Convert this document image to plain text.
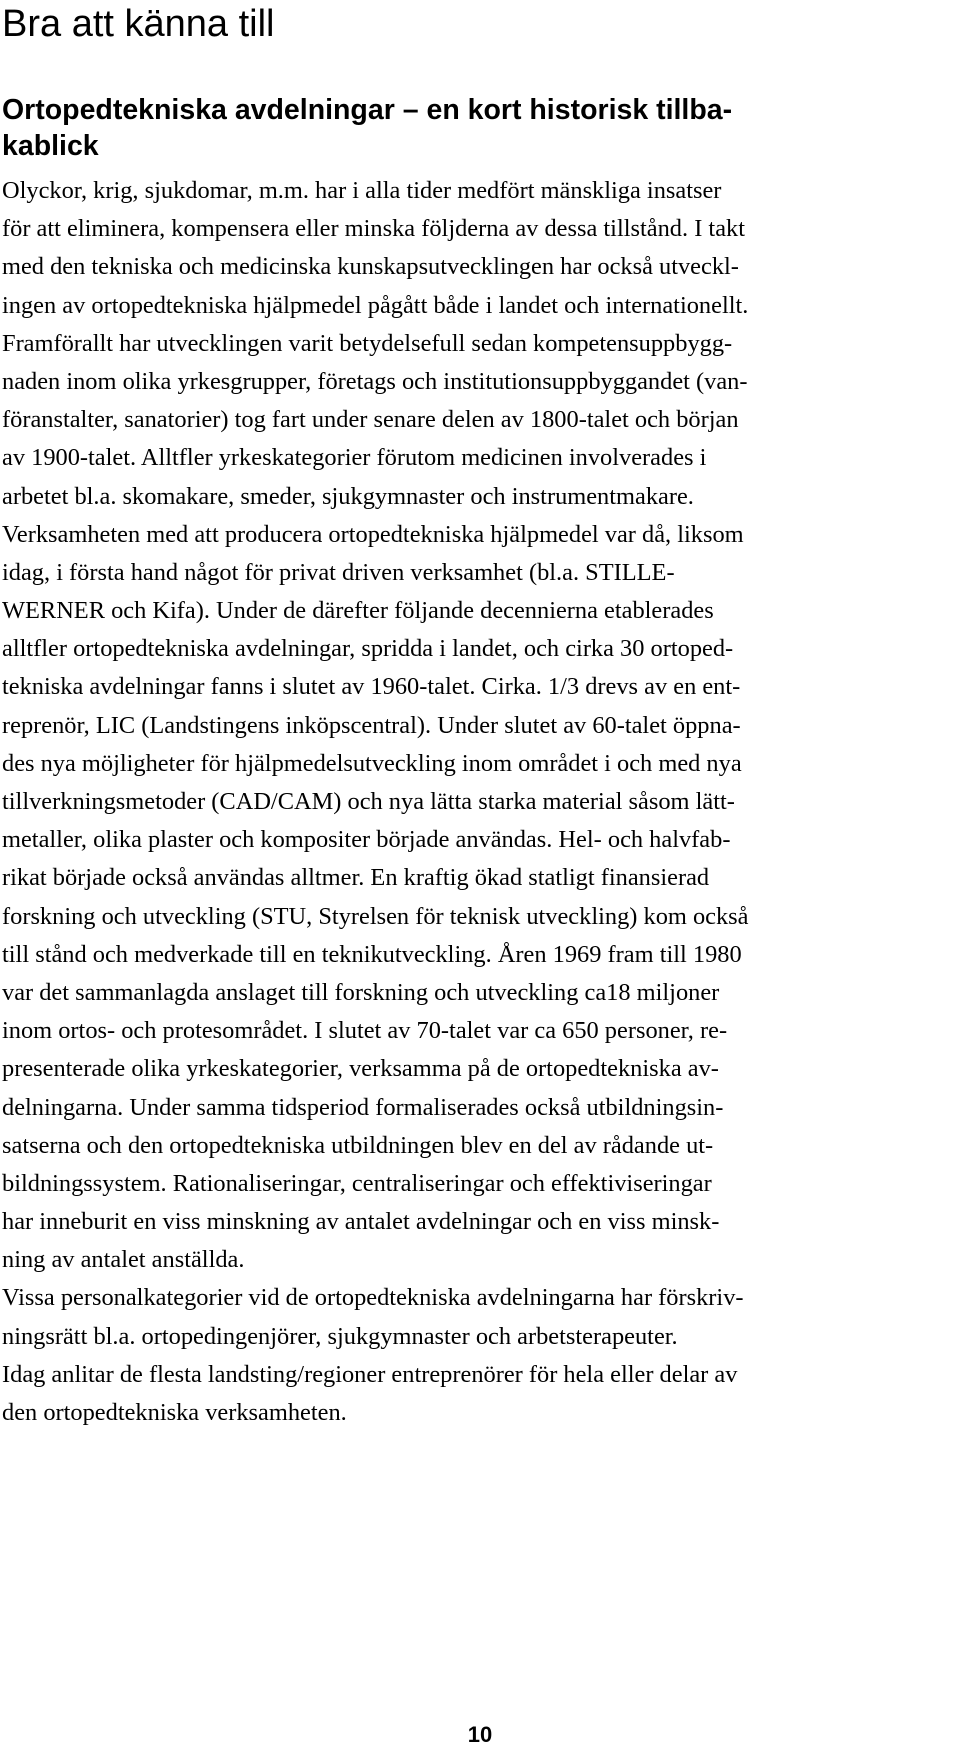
Bra att känna till
Ortopedtekniska avdelningar – en kort historisk tillba-
kablick
Olyckor, krig, sjukdomar, m.m. har i alla tider medfört mänskliga insatser
för att eliminera, kompensera eller minska följderna av dessa tillstånd. I takt
med den tekniska och medicinska kunskapsutvecklingen har också utveckl-
ingen av ortopedtekniska hjälpmedel pågått både i landet och internationellt.
Framförallt har utvecklingen varit betydelsefull sedan kompetensuppbygg-
naden inom olika yrkesgrupper, företags och institutionsuppbyggandet (van-
föranstalter, sanatorier) tog fart under senare delen av 1800-talet och början
av 1900-talet. Alltfler yrkeskategorier förutom medicinen involverades i
arbetet bl.a. skomakare, smeder, sjukgymnaster och instrumentmakare.
Verksamheten med att producera ortopedtekniska hjälpmedel var då, liksom
idag, i första hand något för privat driven verksamhet (bl.a. STILLE-
WERNER och Kifa). Under de därefter följande decennierna etablerades
alltfler ortopedtekniska avdelningar, spridda i landet, och cirka 30 ortoped-
tekniska avdelningar fanns i slutet av 1960-talet. Cirka. 1/3 drevs av en ent-
reprenör, LIC (Landstingens inköpscentral). Under slutet av 60-talet öppna-
des nya möjligheter för hjälpmedelsutveckling inom området i och med nya
tillverkningsmetoder (CAD/CAM) och nya lätta starka material såsom lätt-
metaller, olika plaster och kompositer började användas. Hel- och halvfab-
rikat började också användas alltmer. En kraftig ökad statligt finansierad
forskning och utveckling (STU, Styrelsen för teknisk utveckling) kom också
till stånd och medverkade till en teknikutveckling. Åren 1969 fram till 1980
var det sammanlagda anslaget till forskning och utveckling ca18 miljoner
inom ortos- och protesområdet. I slutet av 70-talet var ca 650 personer, re-
presenterade olika yrkeskategorier, verksamma på de ortopedtekniska av-
delningarna. Under samma tidsperiod formaliserades också utbildningsin-
satserna och den ortopedtekniska utbildningen blev en del av rådande ut-
bildningssystem. Rationaliseringar, centraliseringar och effektiviseringar
har inneburit en viss minskning av antalet avdelningar och en viss minsk-
ning av antalet anställda.
Vissa personalkategorier vid de ortopedtekniska avdelningarna har förskriv-
ningsrätt bl.a. ortopedingenjörer, sjukgymnaster och arbetsterapeuter.
Idag anlitar de flesta landsting/regioner entreprenörer för hela eller delar av
den ortopedtekniska verksamheten.
10
